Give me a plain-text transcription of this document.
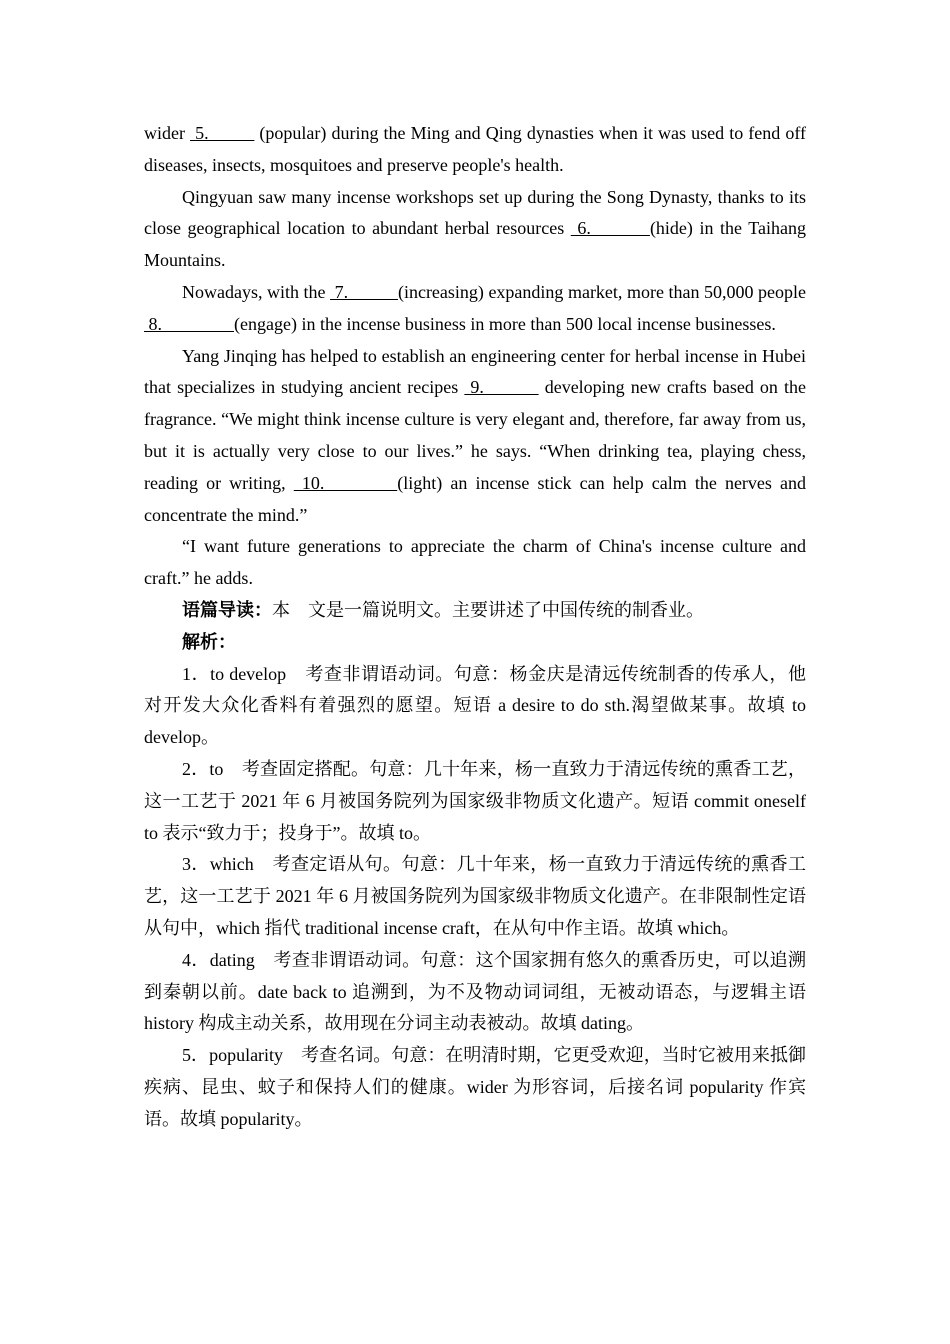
wider  5.          (popular) during the Ming and Qing dynasties when it was used to fend off diseases, insects, mosquitoes and preserve people's health.

Qingyuan saw many incense workshops set up during the Song Dynasty, thanks to its close geographical location to abundant herbal resources  6.         (hide) in the Taihang Mountains.

Nowadays, with the  7.           (increasing) expanding market, more than 50,000 people  8.                (engage) in the incense business in more than 500 local incense businesses.

Yang Jinqing has helped to establish an engineering center for herbal incense in Hubei that specializes in studying ancient recipes  9.          developing new crafts based on the fragrance. “We might think incense culture is very elegant and, therefore, far away from us, but it is actually very close to our lives.” he says. “When drinking tea, playing chess, reading or writing,  10.         (light) an incense stick can help calm the nerves and concentrate the mind.”

“I want future generations to appreciate the charm of China's incense culture and craft.” he adds.

语篇导读：本　文是一篇说明文。主要讲述了中国传统的制香业。

解析：

1．to develop　考查非谓语动词。句意：杨金庆是清远传统制香的传承人，他对开发大众化香料有着强烈的愿望。短语 a desire to do sth.渴望做某事。故填 to develop。

2．to　考查固定搭配。句意：几十年来，杨一直致力于清远传统的熏香工艺，这一工艺于 2021 年 6 月被国务院列为国家级非物质文化遗产。短语 commit oneself to 表示“致力于；投身于”。故填 to。

3．which　考查定语从句。句意：几十年来，杨一直致力于清远传统的熏香工艺，这一工艺于 2021 年 6 月被国务院列为国家级非物质文化遗产。在非限制性定语从句中，which 指代 traditional incense craft，在从句中作主语。故填 which。

4．dating　考查非谓语动词。句意：这个国家拥有悠久的熏香历史，可以追溯到秦朝以前。date back to 追溯到，为不及物动词词组，无被动语态，与逻辑主语 history 构成主动关系，故用现在分词主动表被动。故填 dating。

5．popularity　考查名词。句意：在明清时期，它更受欢迎，当时它被用来抵御疾病、昆虫、蚊子和保持人们的健康。wider 为形容词，后接名词 popularity 作宾语。故填 popularity。
